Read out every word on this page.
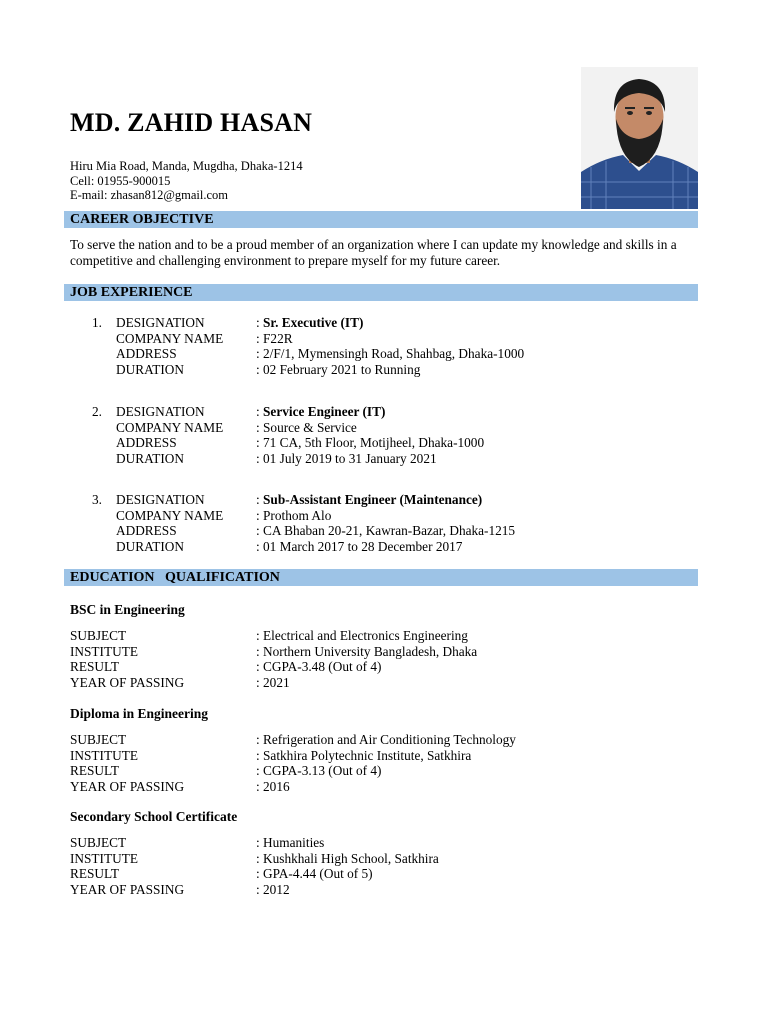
MD. ZAHID HASAN
Hiru Mia Road, Manda, Mugdha, Dhaka-1214
Cell: 01955-900015
E-mail: zhasan812@gmail.com
CAREER OBJECTIVE
To serve the nation and to be a proud member of an organization where I can update my knowledge and skills in a competitive and challenging environment to prepare myself for my future career.
JOB EXPERIENCE
1. DESIGNATION	: Sr. Executive (IT)
COMPANY NAME : F22R
ADDRESS	: 2/F/1, Mymensingh Road, Shahbag, Dhaka-1000
DURATION	: 02 February 2021 to Running
2. DESIGNATION	: Service Engineer (IT)
COMPANY NAME : Source & Service
ADDRESS	: 71 CA, 5th Floor, Motijheel, Dhaka-1000
DURATION	: 01 July 2019 to 31 January 2021
3. DESIGNATION	: Sub-Assistant Engineer (Maintenance)
COMPANY NAME : Prothom Alo
ADDRESS	: CA Bhaban 20-21, Kawran-Bazar, Dhaka-1215
DURATION	: 01 March 2017 to 28 December 2017
EDUCATION   QUALIFICATION
BSC in Engineering
SUBJECT	: Electrical and Electronics Engineering
INSTITUTE	: Northern University Bangladesh, Dhaka
RESULT	: CGPA-3.48 (Out of 4)
YEAR OF PASSING	: 2021
Diploma in Engineering
SUBJECT	: Refrigeration and Air Conditioning Technology
INSTITUTE	: Satkhira Polytechnic Institute, Satkhira
RESULT	: CGPA-3.13 (Out of 4)
YEAR OF PASSING	: 2016
Secondary School Certificate
SUBJECT	: Humanities
INSTITUTE	: Kushkhali High School, Satkhira
RESULT	: GPA-4.44 (Out of 5)
YEAR OF PASSING	: 2012
